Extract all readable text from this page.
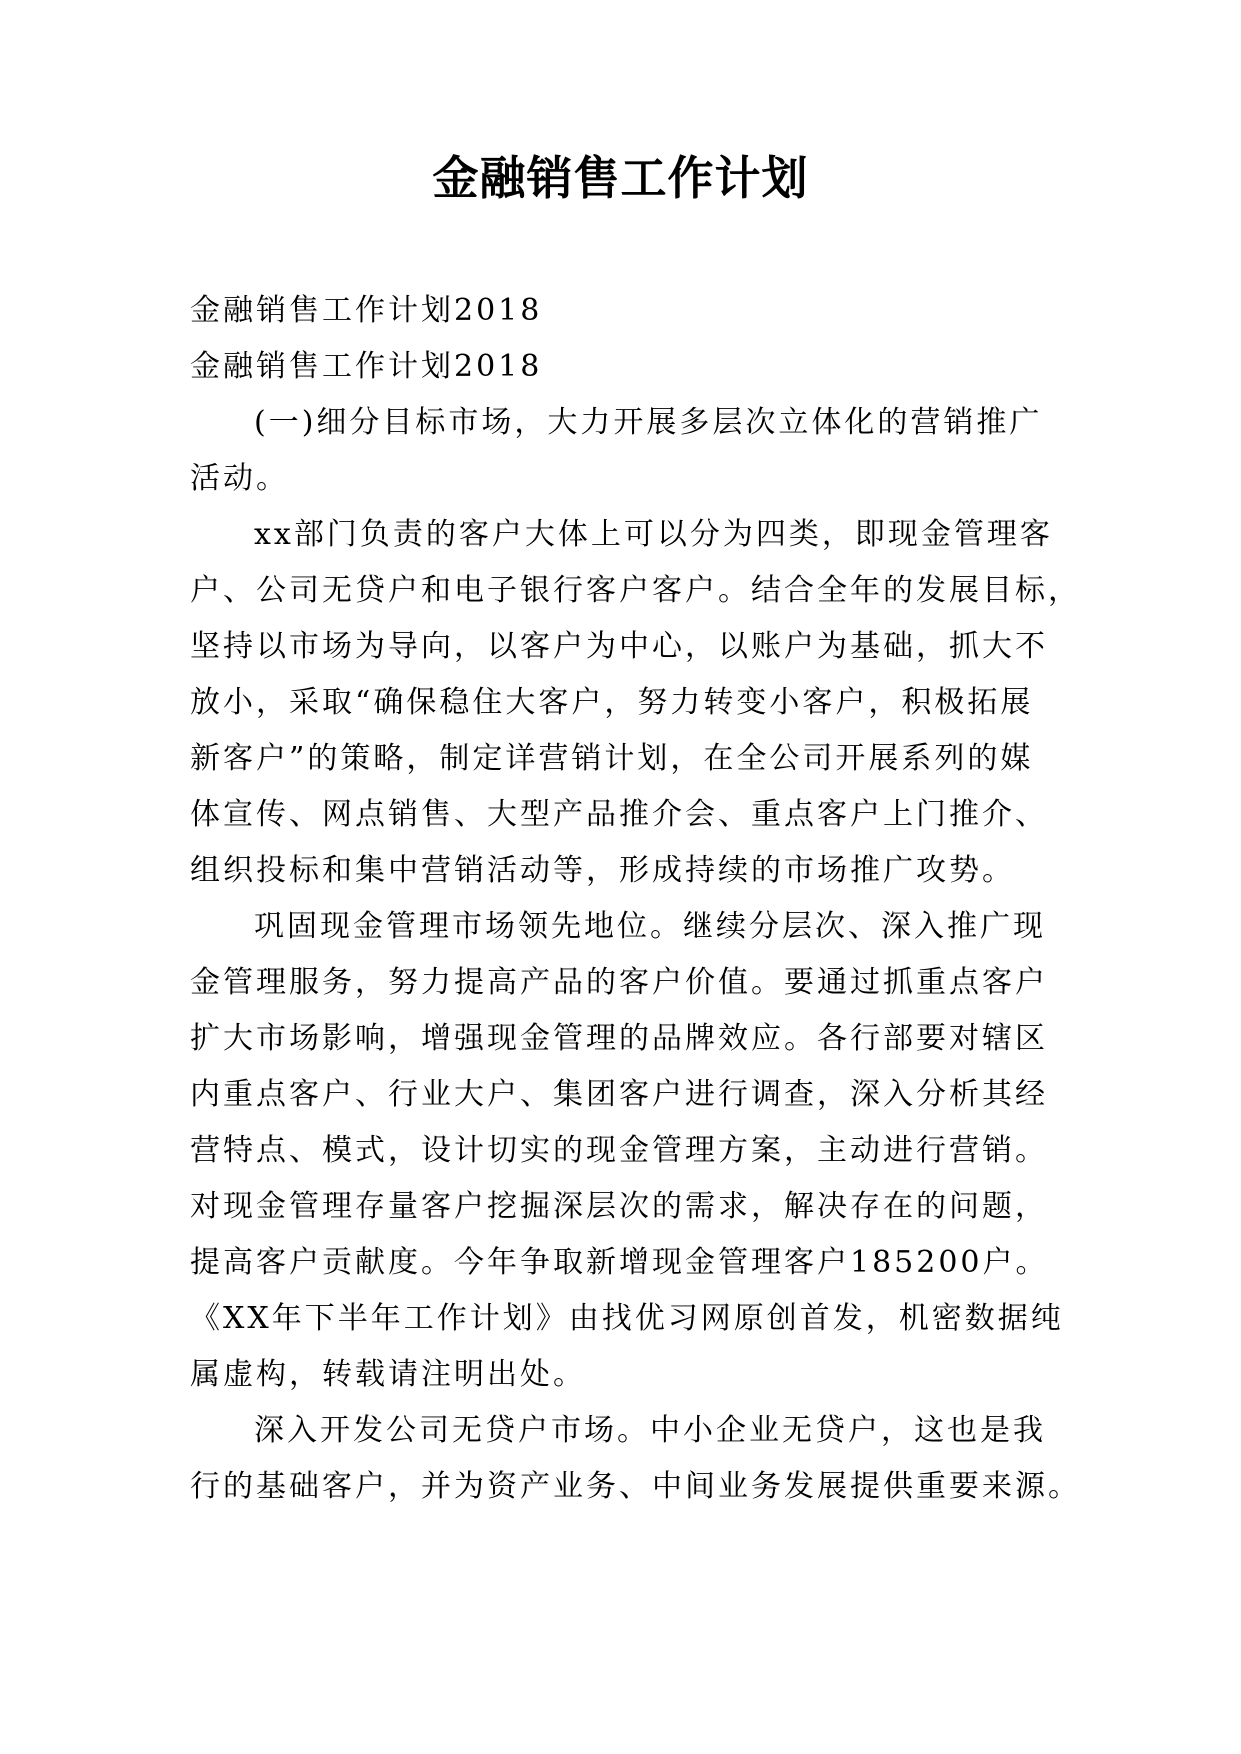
金融销售工作计划
金融销售工作计划2018
金融销售工作计划2018
(一)细分目标市场，大力开展多层次立体化的营销推广
活动。
xx部门负责的客户大体上可以分为四类，即现金管理客
户、公司无贷户和电子银行客户客户。结合全年的发展目标，
坚持以市场为导向，以客户为中心，以账户为基础，抓大不
放小，采取“确保稳住大客户，努力转变小客户，积极拓展
新客户”的策略，制定详营销计划，在全公司开展系列的媒
体宣传、网点销售、大型产品推介会、重点客户上门推介、
组织投标和集中营销活动等，形成持续的市场推广攻势。
巩固现金管理市场领先地位。继续分层次、深入推广现
金管理服务，努力提高产品的客户价值。要通过抓重点客户
扩大市场影响，增强现金管理的品牌效应。各行部要对辖区
内重点客户、行业大户、集团客户进行调查，深入分析其经
营特点、模式，设计切实的现金管理方案，主动进行营销。
对现金管理存量客户挖掘深层次的需求，解决存在的问题，
提高客户贡献度。今年争取新增现金管理客户185200户。
《XX年下半年工作计划》由找优习网原创首发，机密数据纯
属虚构，转载请注明出处。
深入开发公司无贷户市场。中小企业无贷户，这也是我
行的基础客户，并为资产业务、中间业务发展提供重要来源。
